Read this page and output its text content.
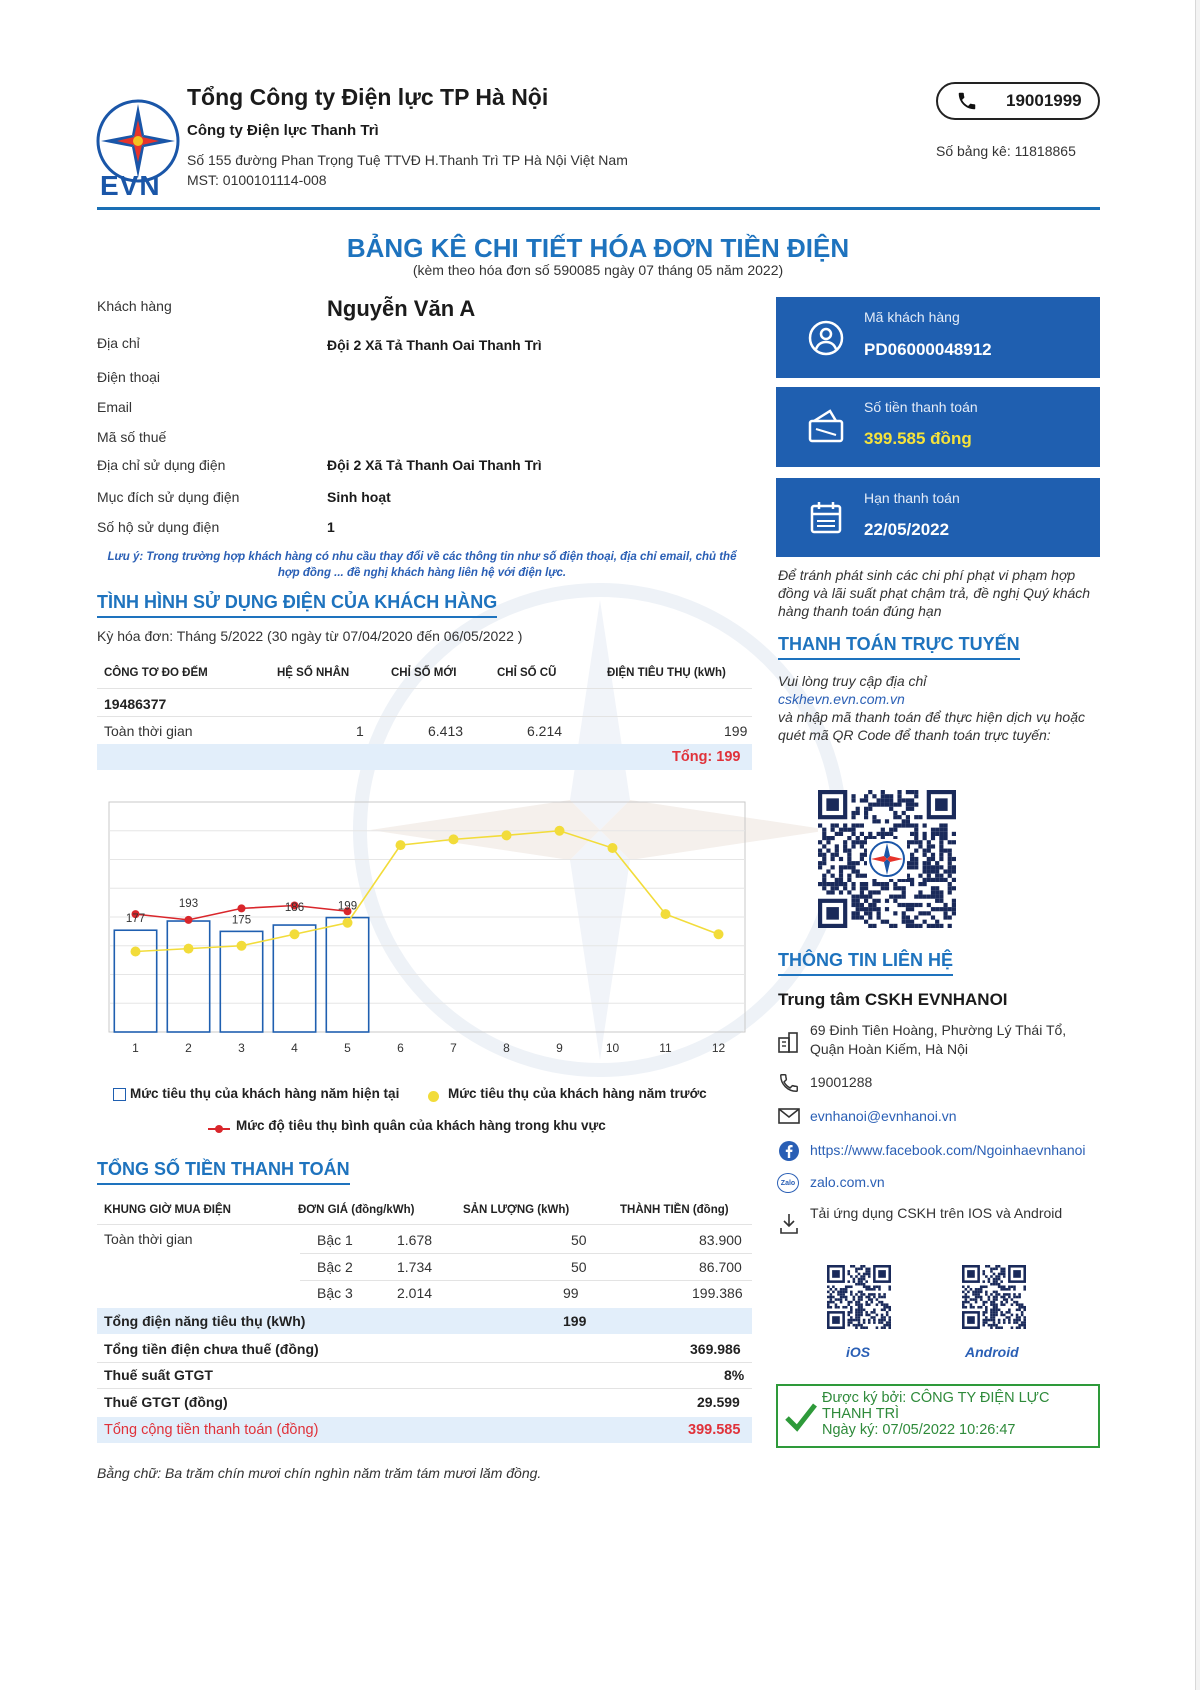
EVN
Tổng Công ty Điện lực TP Hà Nội
Công ty Điện lực Thanh Trì
Số 155 đường Phan Trọng Tuệ TTVĐ H.Thanh Trì TP Hà Nội Việt Nam
MST: 0100101114-008
19001999
Số bảng kê: 11818865
BẢNG KÊ CHI TIẾT HÓA ĐƠN TIỀN ĐIỆN
(kèm theo hóa đơn số 590085 ngày 07 tháng 05 năm 2022)
Khách hàng	Nguyễn Văn A
Địa chỉ	Đội 2 Xã Tả Thanh Oai Thanh Trì
Điện thoại
Email
Mã số thuế
Địa chỉ sử dụng điện	Đội 2 Xã Tả Thanh Oai Thanh Trì
Mục đích sử dụng điện	Sinh hoạt
Số hộ sử dụng điện	1
Lưu ý: Trong trường hợp khách hàng có nhu cầu thay đổi về các thông tin như số điện thoại, địa chỉ email, chủ thể hợp đồng ... đề nghị khách hàng liên hệ với điện lực.
TÌNH HÌNH SỬ DỤNG ĐIỆN CỦA KHÁCH HÀNG
Kỳ hóa đơn: Tháng 5/2022 (30 ngày từ 07/04/2020 đến 06/05/2022 )
CÔNG TƠ ĐO ĐẾM	HỆ SỐ NHÂN	CHỈ SỐ MỚI	CHỈ SỐ CŨ	ĐIỆN TIÊU THỤ (kWh)
19486377
Toàn thời gian	1	6.413	6.214	199
Tổng: 199
1	2	3	4	5	6	7	8	9	10	11	12
177
193
175
186	199
Mức tiêu thụ của khách hàng năm hiện tại	Mức tiêu thụ của khách hàng năm trước
Mức độ tiêu thụ bình quân của khách hàng trong khu vực
TỔNG SỐ TIỀN THANH TOÁN
KHUNG GIỜ MUA ĐIỆN	ĐƠN GIÁ (đồng/kWh)	SẢN LƯỢNG (kWh)	THÀNH TIỀN (đồng)
Toàn thời gian	Bậc 1	1.678	50	83.900
Bậc 2	1.734	50	86.700
Bậc 3	2.014	99	199.386
Tổng điện năng tiêu thụ (kWh)	199
Tổng tiền điện chưa thuế (đồng)	369.986
Thuế suất GTGT	8%
Thuế GTGT (đồng)	29.599
Tổng cộng tiền thanh toán (đồng)	399.585
Bằng chữ: Ba trăm chín mươi chín nghìn năm trăm tám mươi lăm đồng.
Mã khách hàng
PD06000048912
Số tiền thanh toán
399.585 đồng
Hạn thanh toán
22/05/2022
Để tránh phát sinh các chi phí phạt vi phạm hợp đồng và lãi suất phạt chậm trả, đề nghị Quý khách hàng thanh toán đúng hạn
THANH TOÁN TRỰC TUYẾN
Vui lòng truy cập địa chỉ
cskhevn.evn.com.vn
và nhập mã thanh toán để thực hiện dịch vụ hoặc quét mã QR Code để thanh toán trực tuyến:
THÔNG TIN LIÊN HỆ
Trung tâm CSKH EVNHANOI
69 Đinh Tiên Hoàng, Phường Lý Thái Tổ, Quận Hoàn Kiếm, Hà Nội
19001288
evnhanoi@evnhanoi.vn
https://www.facebook.com/Ngoinhaevnhanoi
Zalo zalo.com.vn
Tải ứng dụng CSKH trên IOS và Android
iOS	Android
Được ký bởi: CÔNG TY ĐIỆN LỰC
THANH TRÌ
Ngày ký: 07/05/2022 10:26:47
